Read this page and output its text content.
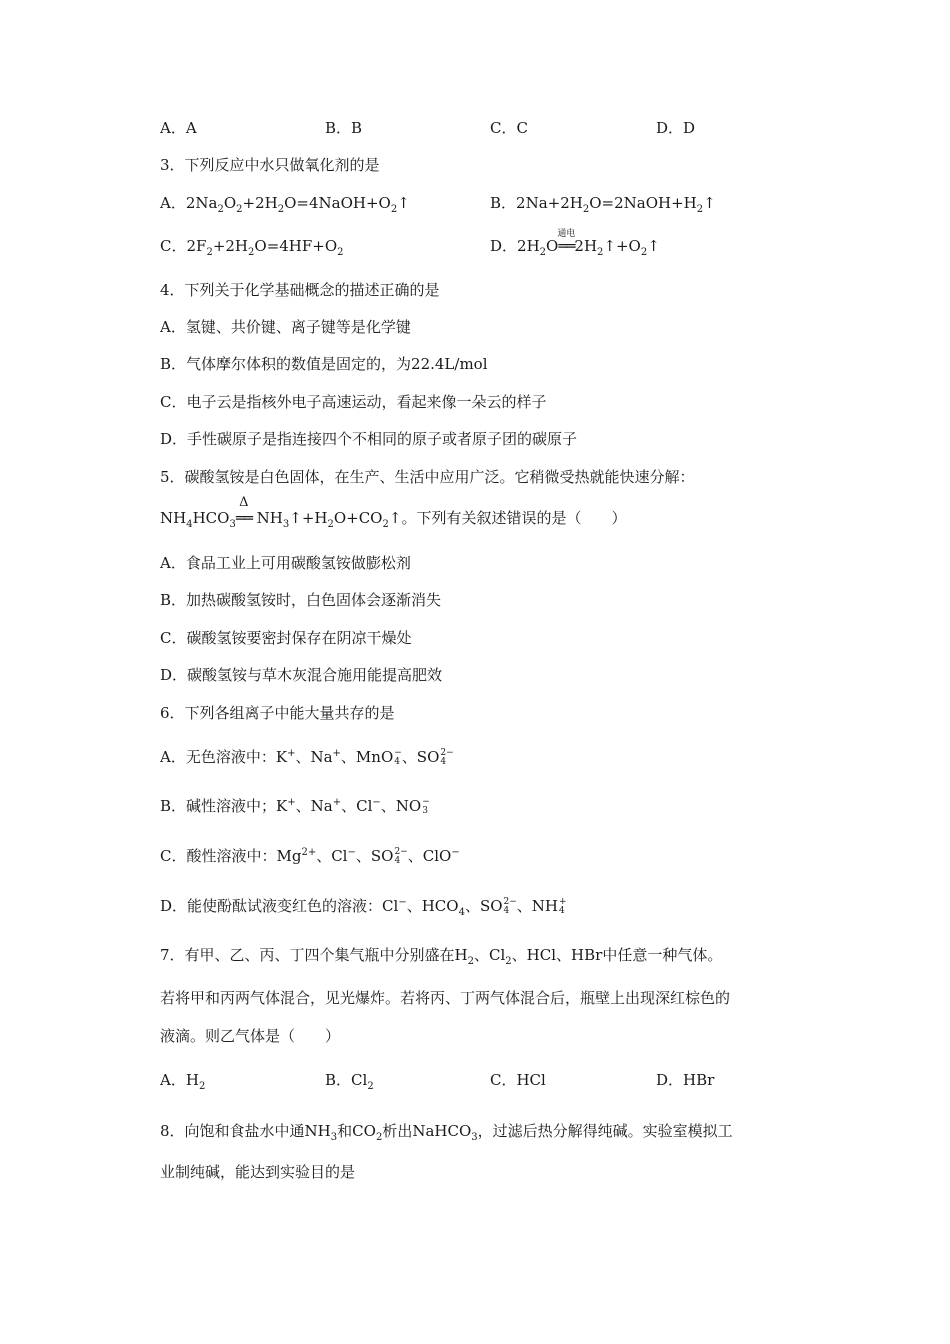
A．A	B．B	C．C	D．D
3．下列反应中水只做氧化剂的是
A．$2Na_2O_2+2H_2O=4NaOH+O_2↑$	B．$2Na+2H_2O=2NaOH+H_2↑$
C．$2F_2+2H_2O=4HF+O_2$	D．$2H_2O$
通电
$══2H_2↑+O_2↑$
4．下列关于化学基础概念的描述正确的是
A．氢键、共价键、离子键等是化学键
B．气体摩尔体积的数值是固定的，为22.4L/mol
C．电子云是指核外电子高速运动，看起来像一朵云的样子
D．手性碳原子是指连接四个不相同的原子或者原子团的碳原子
5．碳酸氢铵是白色固体，在生产、生活中应用广泛。它稍微受热就能快速分解：
$NH_4HCO_3$
Δ
══ $NH_3↑+H_2O+CO_2↑$。下列有关叙述错误的是（　　）
A．食品工业上可用碳酸氢铵做膨松剂
B．加热碳酸氢铵时，白色固体会逐渐消失
C．碳酸氢铵要密封保存在阴凉干燥处
D．碳酸氢铵与草木灰混合施用能提高肥效
6．下列各组离子中能大量共存的是
A．无色溶液中：K+、Na+、MnO −
4 、SO 2−
4
B．碱性溶液中；K+、Na+、Cl−、NO −
3
C．酸性溶液中：$Mg^{2+}$、Cl−、SO 2−
4 、ClO−
D．能使酚酞试液变红色的溶液：Cl−、$HCO_4$、SO 2−
4 、NH +
4
7．有甲、乙、丙、丁四个集气瓶中分别盛在$H_2$、$Cl_2$、HCl、HBr中任意一种气体。
若将甲和丙两气体混合，见光爆炸。若将丙、丁两气体混合后，瓶壁上出现深红棕色的
液滴。则乙气体是（　　）
A．$H_2$	B．$Cl_2$	C．HCl	D．HBr
8．向饱和食盐水中通$NH_3$和$CO_2$析出NaHCO$_3$，过滤后热分解得纯碱。实验室模拟工
业制纯碱，能达到实验目的是
